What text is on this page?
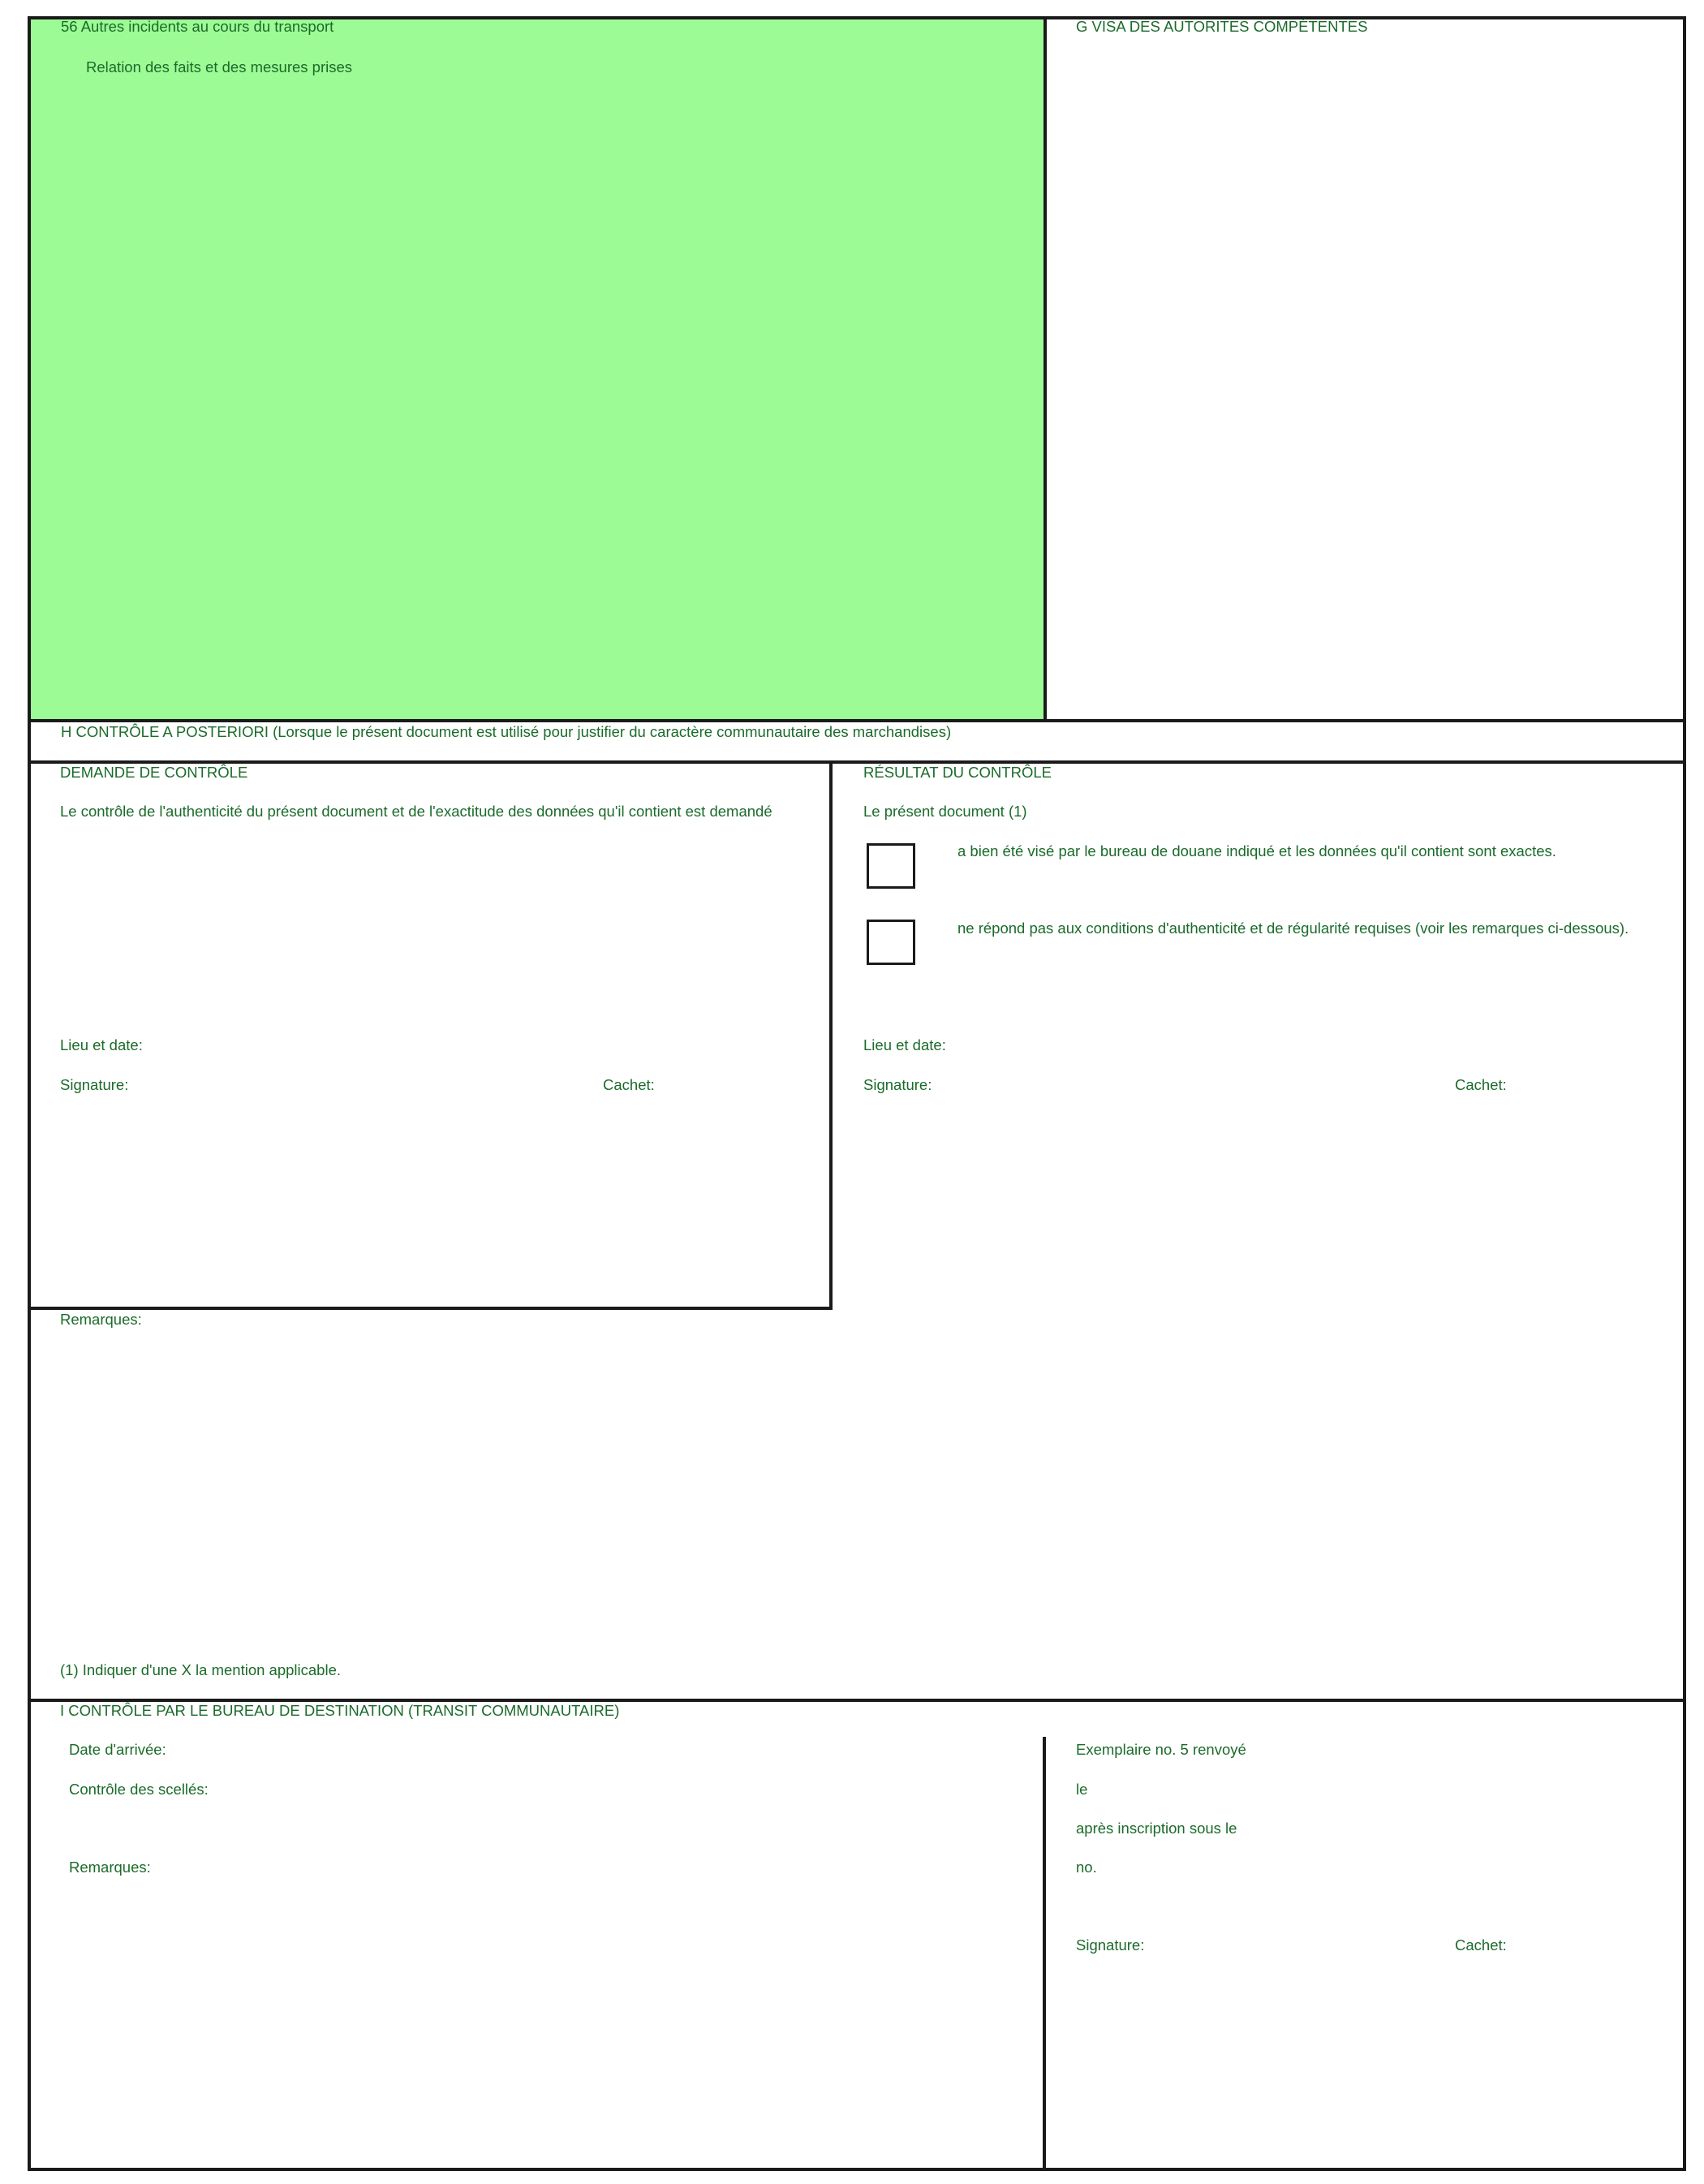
56 Autres incidents au cours du transport
Relation des faits et des mesures prises
G VISA DES AUTORITES COMPÉTENTES
H CONTRÔLE A POSTERIORI (Lorsque le présent document est utilisé pour justifier du caractère communautaire des marchandises)
DEMANDE DE CONTRÔLE
Le contrôle de l'authenticité du présent document et de l'exactitude des données qu'il contient est demandé
Lieu et date:
Signature:	Cachet:
RÉSULTAT DU CONTRÔLE
Le présent document (1)
a bien été visé par le bureau de douane indiqué et les données qu'il contient sont exactes.
ne répond pas aux conditions d'authenticité et de régularité requises (voir les remarques ci-dessous).
Lieu et date:
Signature:	Cachet:
Remarques:
(1) Indiquer d'une X la mention applicable.
I CONTRÔLE PAR LE BUREAU DE DESTINATION (TRANSIT COMMUNAUTAIRE)
Date d'arrivée:
Contrôle des scellés:
Remarques:
Exemplaire no. 5 renvoyé
le
après inscription sous le
no.
Signature:	Cachet:
